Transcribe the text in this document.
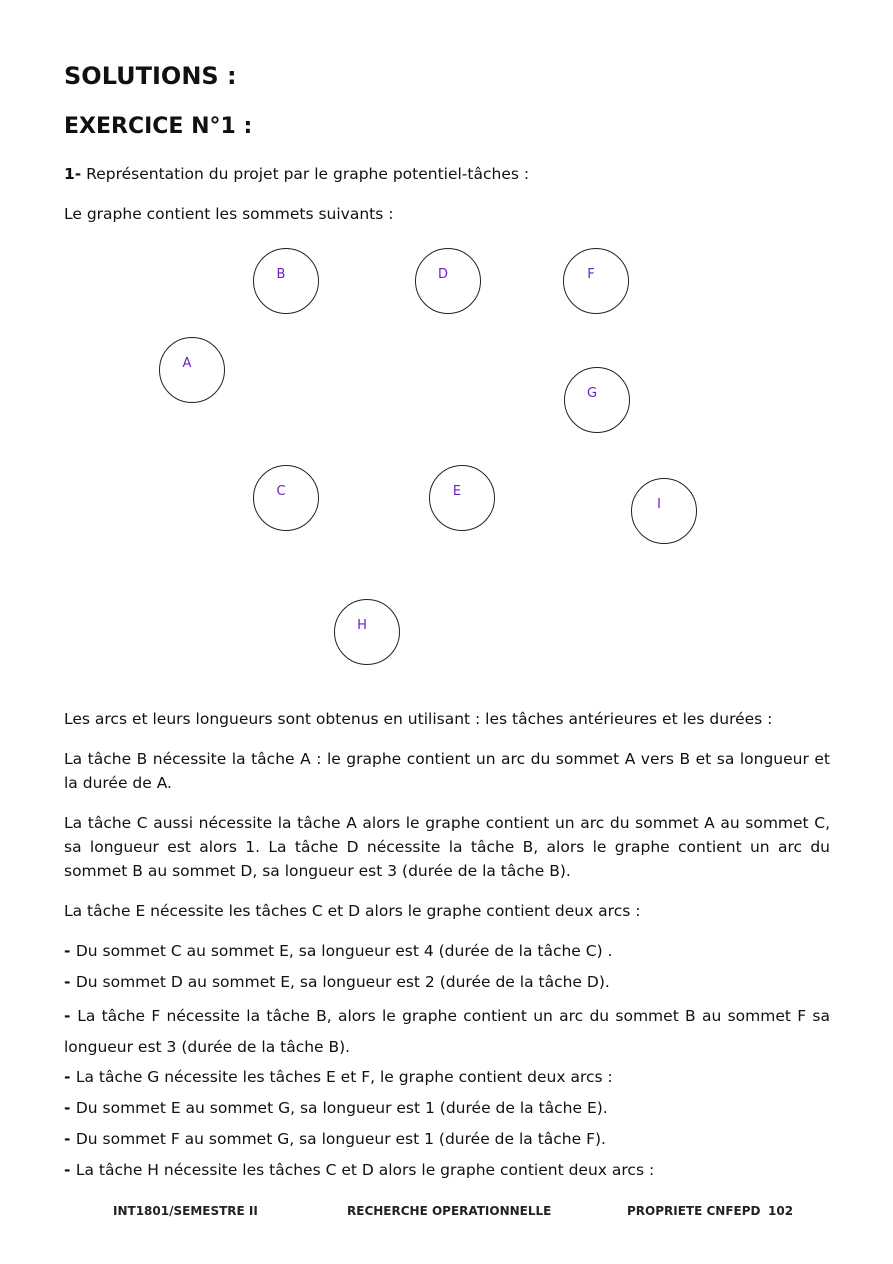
SOLUTIONS :
EXERCICE N°1 :

1- Représentation du projet par le graphe potentiel-tâches :

Le graphe contient les sommets suivants :

B	D	F
A
G
C	E
I
H

Les arcs et leurs longueurs sont obtenus en utilisant : les tâches antérieures et les durées :

La tâche B nécessite la tâche A : le graphe contient un arc du sommet A vers B et sa longueur et la durée de A.

La tâche C aussi nécessite la tâche A alors le graphe contient un arc du sommet A au sommet C, sa longueur est alors 1. La tâche D nécessite la tâche B, alors le graphe contient un arc du sommet B au sommet D, sa longueur est 3 (durée de la tâche B).

La tâche E nécessite les tâches C et D alors le graphe contient deux arcs :

- Du sommet C au sommet E, sa longueur est 4 (durée de la tâche C) .

- Du sommet D au sommet E, sa longueur est 2 (durée de la tâche D).

- La tâche F nécessite la tâche B, alors le graphe contient un arc du sommet B au sommet F sa longueur est 3 (durée de la tâche B).

- La tâche G nécessite les tâches E et F, le graphe contient deux arcs :

- Du sommet E au sommet G, sa longueur est 1 (durée de la tâche E).

- Du sommet F au sommet G, sa longueur est 1 (durée de la tâche F).

- La tâche H nécessite les tâches C et D alors le graphe contient deux arcs :

INT1801/SEMESTRE II	RECHERCHE OPERATIONNELLE	PROPRIETE CNFEPD 102
